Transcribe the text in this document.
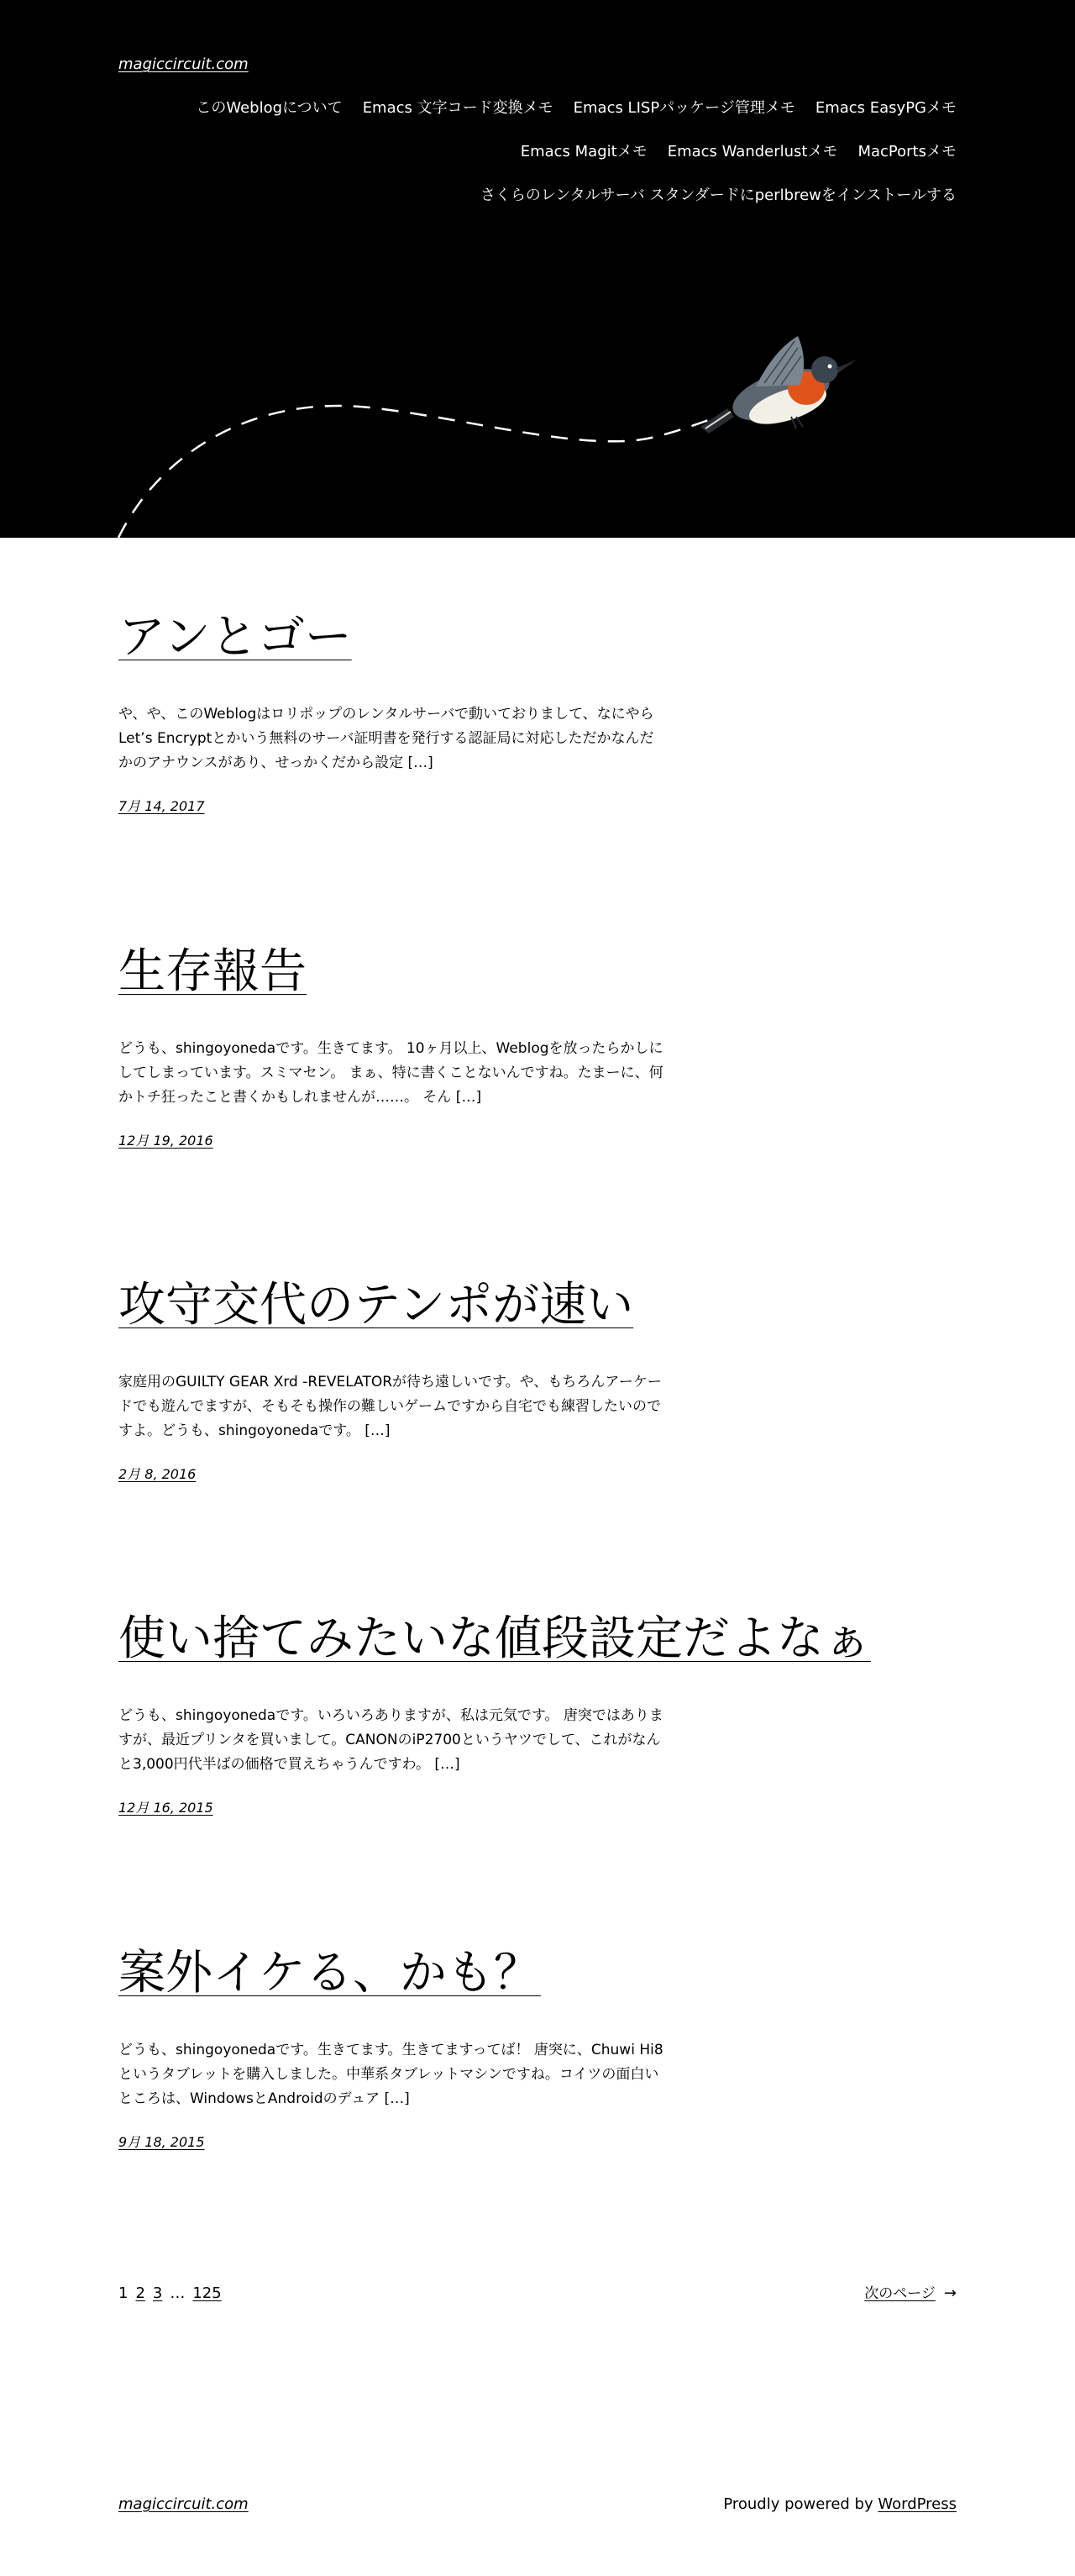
magiccircuit.com
このWeblogについて Emacs 文字コード変換メモ Emacs LISPパッケージ管理メモ Emacs EasyPGメモ
Emacs Magitメモ Emacs Wanderlustメモ MacPortsメモ
さくらのレンタルサーバ スタンダードにperlbrewをインストールする
アンとゴー

や、や、このWeblogはロリポップのレンタルサーバで動いておりまして、なにやらLet’s Encryptとかいう無料のサーバ証明書を発行する認証局に対応しただかなんだかのアナウンスがあり、せっかくだから設定 […]

7月 14, 2017
生存報告

どうも、shingoyonedaです。生きてます。 10ヶ月以上、Weblogを放ったらかしにしてしまっています。スミマセン。 まぁ、特に書くことないんですね。たまーに、何かトチ狂ったこと書くかもしれませんが……。 そん […]

12月 19, 2016
攻守交代のテンポが速い

家庭用のGUILTY GEAR Xrd -REVELATORが待ち遠しいです。や、もちろんアーケードでも遊んでますが、そもそも操作の難しいゲームですから自宅でも練習したいのですよ。どうも、shingoyonedaです。 […]

2月 8, 2016
使い捨てみたいな値段設定だよなぁ

どうも、shingoyonedaです。いろいろありますが、私は元気です。 唐突ではありますが、最近プリンタを買いまして。CANONのiP2700というヤツでして、これがなんと3,000円代半ばの価格で買えちゃうんですわ。 […]

12月 16, 2015
案外イケる、かも？

どうも、shingoyonedaです。生きてます。生きてますってば！ 唐突に、Chuwi Hi8というタブレットを購入しました。中華系タブレットマシンですね。コイツの面白いところは、WindowsとAndroidのデュア […]

9月 18, 2015
1 2 3 … 125	次のページ →
magiccircuit.com	Proudly powered by WordPress
